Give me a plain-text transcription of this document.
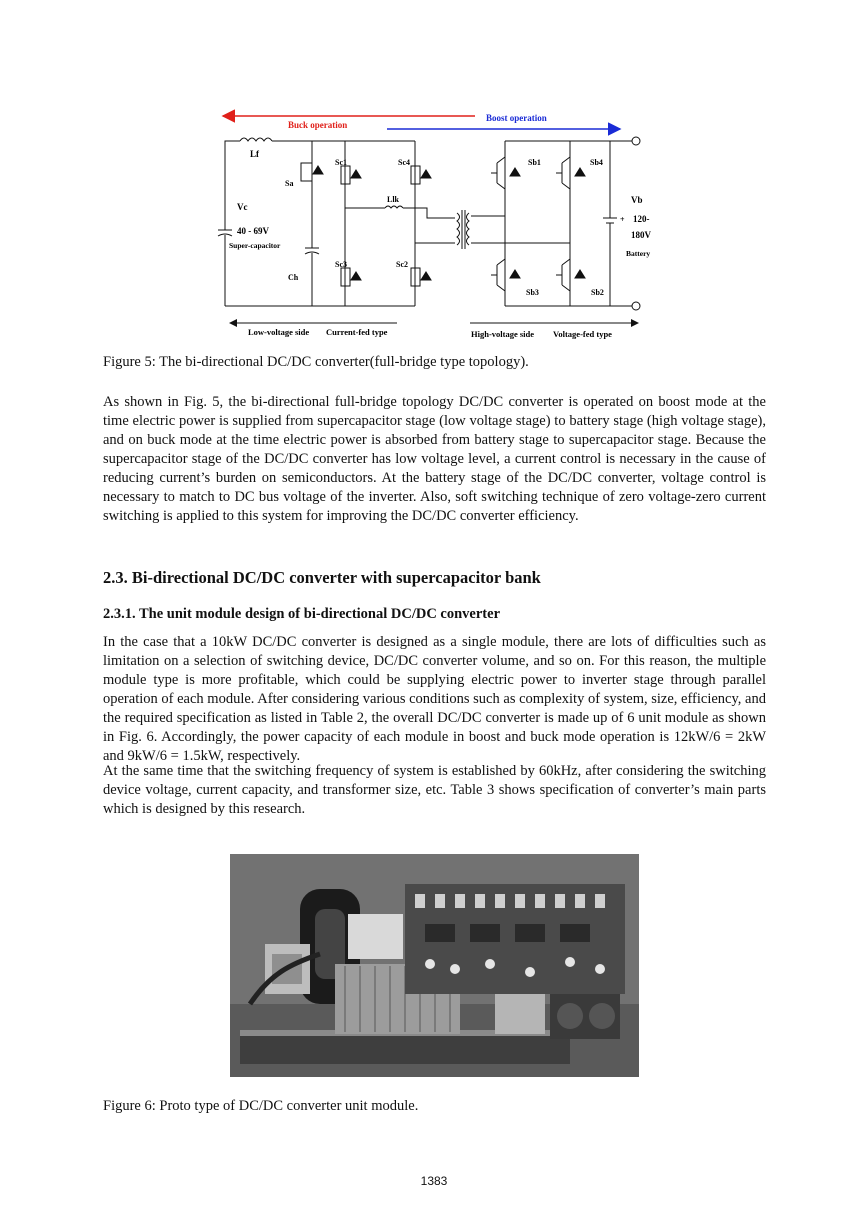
Buck operation
Boost operation
Lf
Sa
Sc1	Sc4	Sb1	Sb4
Vc
40 - 69V
Super-capacitor
Llk	Vb
+ 120-
180V
Battery
Ch
Sc3	Sc2
Sb3	Sb2
Low-voltage side Current-fed type	High-voltage side Voltage-fed type
Figure 5: The bi-directional DC/DC converter(full-bridge type topology).

As shown in Fig. 5, the bi-directional full-bridge topology DC/DC converter is operated on boost mode at the time electric power is supplied from supercapacitor stage (low voltage stage) to battery stage (high voltage stage), and on buck mode at the time electric power is absorbed from battery stage to supercapacitor stage. Because the supercapacitor stage of the DC/DC converter has low voltage level, a current control is necessary in the cause of reducing current’s burden on semiconductors. At the battery stage of the DC/DC converter, voltage control is necessary to match to DC bus voltage of the inverter. Also, soft switching technique of zero voltage-zero current switching is applied to this system for improving the DC/DC converter efficiency.

2.3. Bi-directional DC/DC converter with supercapacitor bank
2.3.1. The unit module design of bi-directional DC/DC converter

In the case that a 10kW DC/DC converter is designed as a single module, there are lots of difficulties such as limitation on a selection of switching device, DC/DC converter volume, and so on. For this reason, the multiple module type is more profitable, which could be supplying electric power to inverter stage through parallel operation of each module. After considering various conditions such as complexity of system, size, efficiency, and the required specification as listed in Table 2, the overall DC/DC converter is made up of 6 unit module as shown in Fig. 6. Accordingly, the power capacity of each module in boost and buck mode operation is 12kW/6 = 2kW and 9kW/6 = 1.5kW, respectively.

At the same time that the switching frequency of system is established by 60kHz, after considering the switching device voltage, current capacity, and transformer size, etc. Table 3 shows specification of converter’s main parts which is designed by this research.

Figure 6: Proto type of DC/DC converter unit module.
1383
